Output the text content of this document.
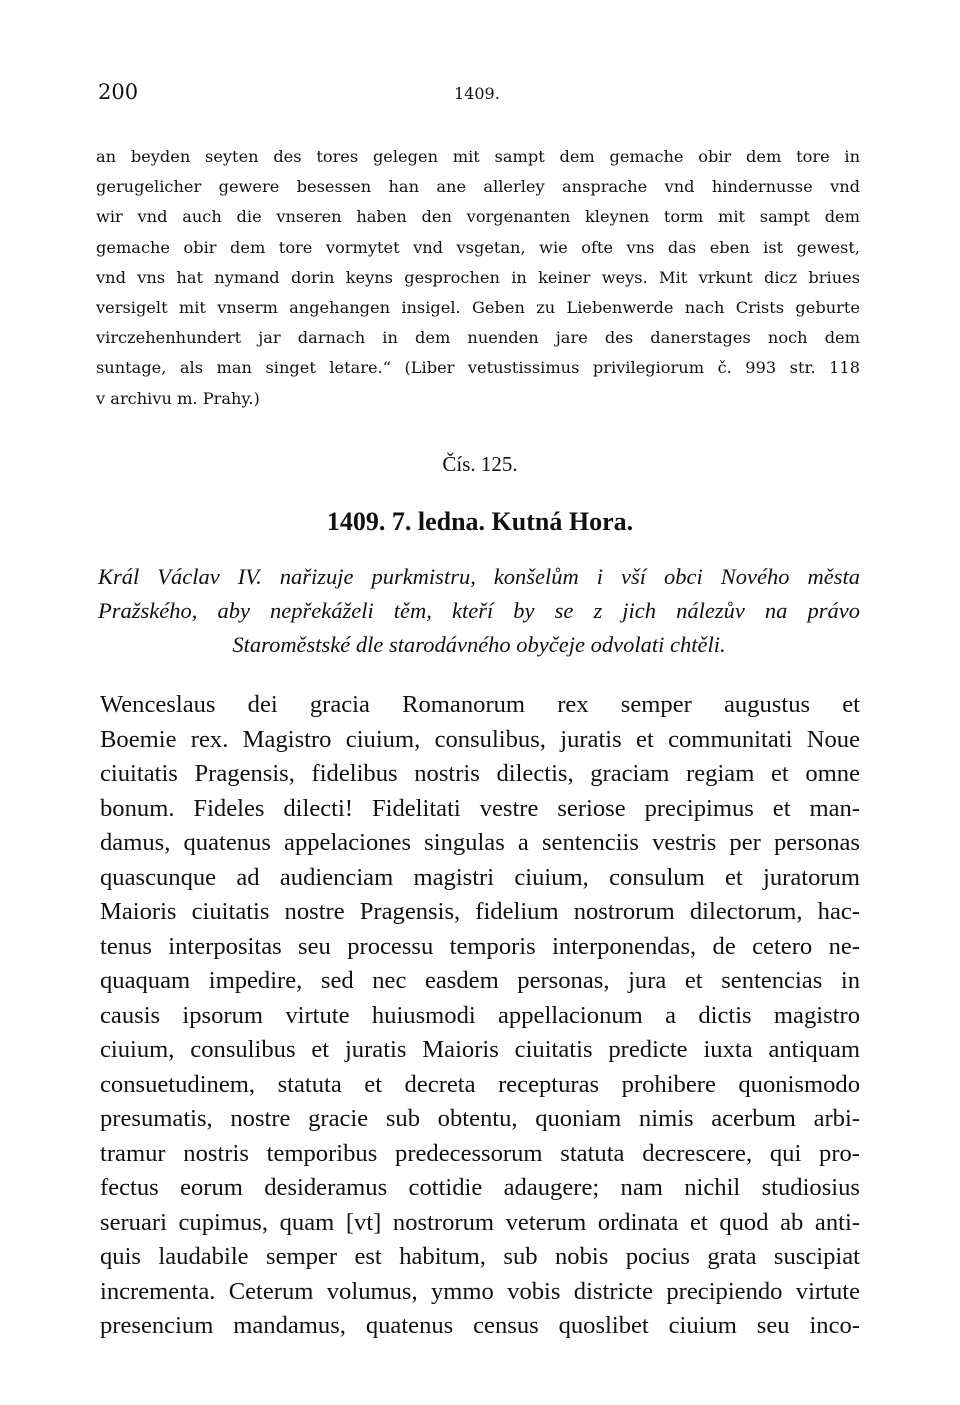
200	1409.
an beyden seyten des tores gelegen mit sampt dem gemache obir dem tore in
gerugelicher gewere besessen han ane allerley ansprache vnd hindernusse vnd
wir vnd auch die vnseren haben den vorgenanten kleynen torm mit sampt dem
gemache obir dem tore vormytet vnd vsgetan, wie ofte vns das eben ist gewest,
vnd vns hat nymand dorin keyns gesprochen in keiner weys. Mit vrkunt dicz briues
versigelt mit vnserm angehangen insigel. Geben zu Liebenwerde nach Crists geburte
virczehenhundert jar darnach in dem nuenden jare des danerstages noch dem
suntage, als man singet letare.“ (Liber vetustissimus privilegiorum č. 993 str. 118
v archivu m. Prahy.)
Čís. 125.
1409. 7. ledna. Kutná Hora.
Král Václav IV. nařizuje purkmistru, konšelům i vší obci Nového města
Pražského, aby nepřekáželi těm, kteří by se z jich nálezův na právo
Staroměstské dle starodávného obyčeje odvolati chtěli.
Wenceslaus dei gracia Romanorum rex semper augustus et
Boemie rex. Magistro ciuium, consulibus, juratis et communitati Noue
ciuitatis Pragensis, fidelibus nostris dilectis, graciam regiam et omne
bonum. Fideles dilecti! Fidelitati vestre seriose precipimus et man-
damus, quatenus appelaciones singulas a sentenciis vestris per personas
quascunque ad audienciam magistri ciuium, consulum et juratorum
Maioris ciuitatis nostre Pragensis, fidelium nostrorum dilectorum, hac-
tenus interpositas seu processu temporis interponendas, de cetero ne-
quaquam impedire, sed nec easdem personas, jura et sentencias in
causis ipsorum virtute huiusmodi appellacionum a dictis magistro
ciuium, consulibus et juratis Maioris ciuitatis predicte iuxta antiquam
consuetudinem, statuta et decreta recepturas prohibere quonismodo
presumatis, nostre gracie sub obtentu, quoniam nimis acerbum arbi-
tramur nostris temporibus predecessorum statuta decrescere, qui pro-
fectus eorum desideramus cottidie adaugere; nam nichil studiosius
seruari cupimus, quam [vt] nostrorum veterum ordinata et quod ab anti-
quis laudabile semper est habitum, sub nobis pocius grata suscipiat
incrementa. Ceterum volumus, ymmo vobis districte precipiendo virtute
presencium mandamus, quatenus census quoslibet ciuium seu inco-
